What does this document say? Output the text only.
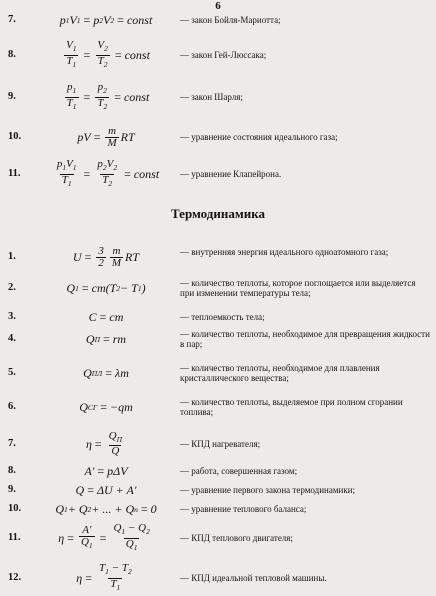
6
Термодинамика
7.	p 1 V 1 = p 2 V 2 = const	— закон Бойля-Мариотта;
8.	$\frac{V_1}{T_1} = \frac{V_2}{T_2}$ = const	— закон Гей-Люссака;
9.	$\frac{p_1}{T_1} = \frac{p_2}{T_2}$ = const	— закон Шарля;
10.	pV = $\frac{m}{M}$ RT	— уравнение состояния идеального газа;
11.	$\frac{p_1V_1}{T_1} = \frac{p_2V_2}{T_2}$ = const	— уравнение Клапейрона.
1.	$U = \frac{3}{2} \frac{m}{M}$ RT	— внутренняя энергия идеального одноатомного газа;
2.	Q 1 = cm(T 2 − T 1 )	— количество теплоты, которое поглощается или выделяется при изменении температуры тела;
3.	C = cm	— теплоемкость тела;
4.	Q П = rm	— количество теплоты, необходимое для превращения жидкости в пар;
5.	Q ПЛ = λm	— количество теплоты, необходимое для плавления кристаллического вещества;
6.	Q СГ = −qm	— количество теплоты, выделяемое при полном сгорании топлива;
7.	$\eta = \frac{Q_П}{Q}$	— КПД нагревателя;
8.	A' = pΔV	— работа, совершенная газом;
9.	Q = ΔU + A'	— уравнение первого закона термодинамики;
10.	Q 1 + Q 2 + ... + Q n = 0	— уравнение теплового баланса;
11.	$\eta = \frac{A'}{Q_1} = \frac{Q_1 - Q_2}{Q_1}$	— КПД теплового двигателя;
12.	$\eta = \frac{T_1 - T_2}{T_1}$	— КПД идеальной тепловой машины.
